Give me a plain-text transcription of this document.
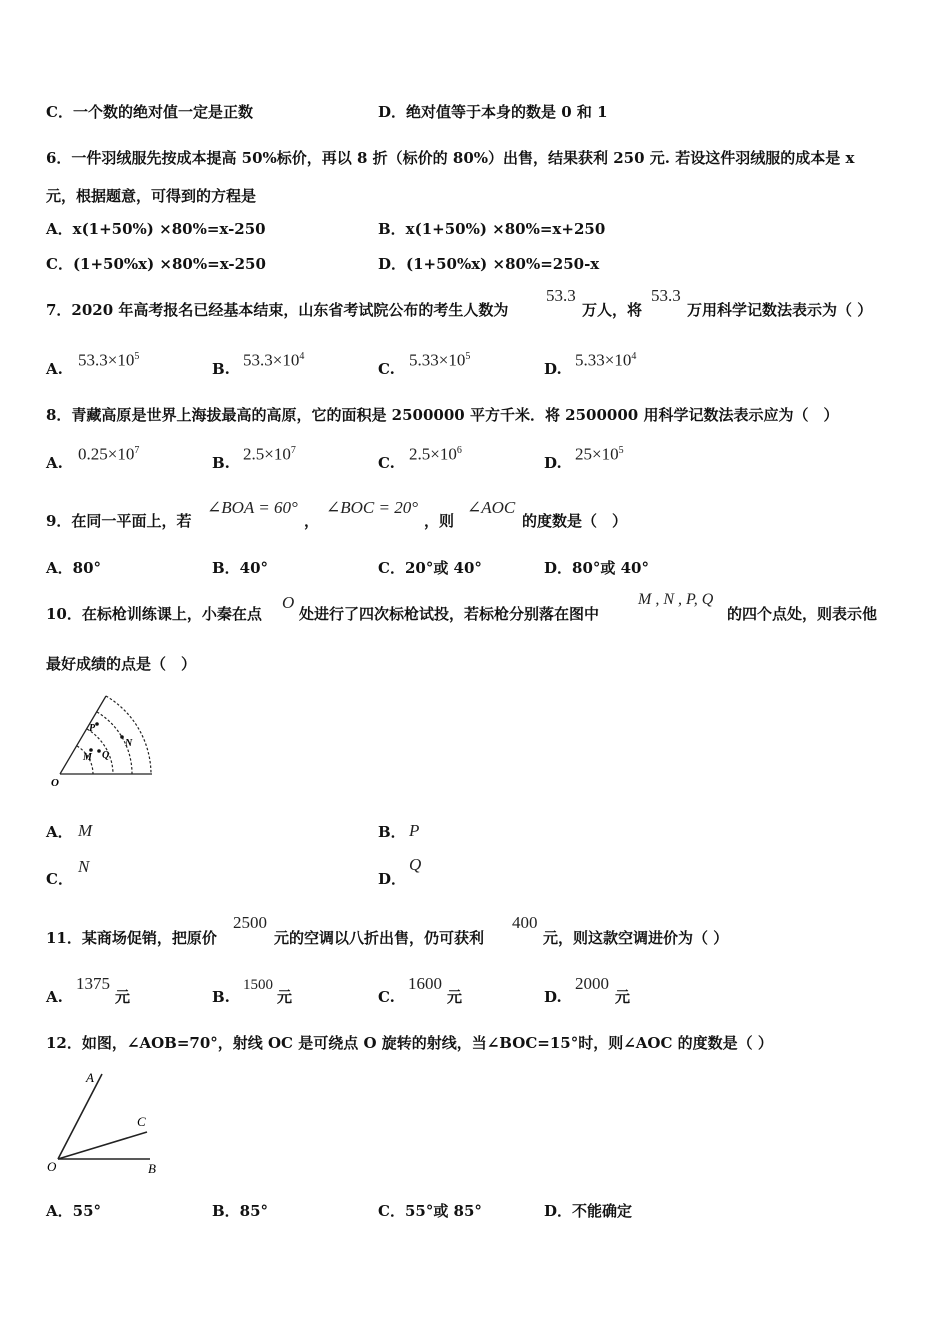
C．一个数的绝对值一定是正数	D．绝对值等于本身的数是 0 和 1
6．一件羽绒服先按成本提高 50%标价，再以 8 折（标价的 80%）出售，结果获利 250 元. 若设这件羽绒服的成本是 x
元，根据题意，可得到的方程是
A．x(1+50%) ×80%=x-250	B．x(1+50%) ×80%=x+250
C．(1+50%x) ×80%=x-250	D．(1+50%x) ×80%=250-x
7．2020 年高考报名已经基本结束，山东省考试院公布的考生人数为
53.3
万人，将
53.3
万用科学记数法表示为（ ）
A. $53.3\times 10^5$
B. $53.3\times 10^4$
C. $5.33\times 10^5$
D. $5.33\times 10^4$
8．青藏高原是世界上海拔最高的高原，它的面积是 2500000 平方千米．将 2500000 用科学记数法表示应为（　）
A. $0.25\times 10^7$
B. $2.5\times 10^7$
C. $2.5\times 10^6$
D. $25\times 10^5$
9．在同一平面上，若
∠BOA = 60°
，
∠BOC = 20°
，则
∠AOC
的度数是（　）
A．80°	B．40°	C．20°或 40°	D．80°或 40°
10．在标枪训练课上，小秦在点
O
处进行了四次标枪试投，若标枪分别落在图中
M , N , P, Q
的四个点处，则表示他
最好成绩的点是（　）
P
N
M Q
O
A． M	B． P
C．
N
D．
Q
11．某商场促销，把原价
2500
元的空调以八折出售，仍可获利
400
元，则这款空调进价为（ ）
A.
1375
元	B.
1500
元	C.
1600
元	D.
2000
元
12．如图，∠AOB=70°，射线 OC 是可绕点 O 旋转的射线，当∠BOC=15°时，则∠AOC 的度数是（ ）
A
C
O	B
A．55°	B．85°	C．55°或 85°	D．不能确定
